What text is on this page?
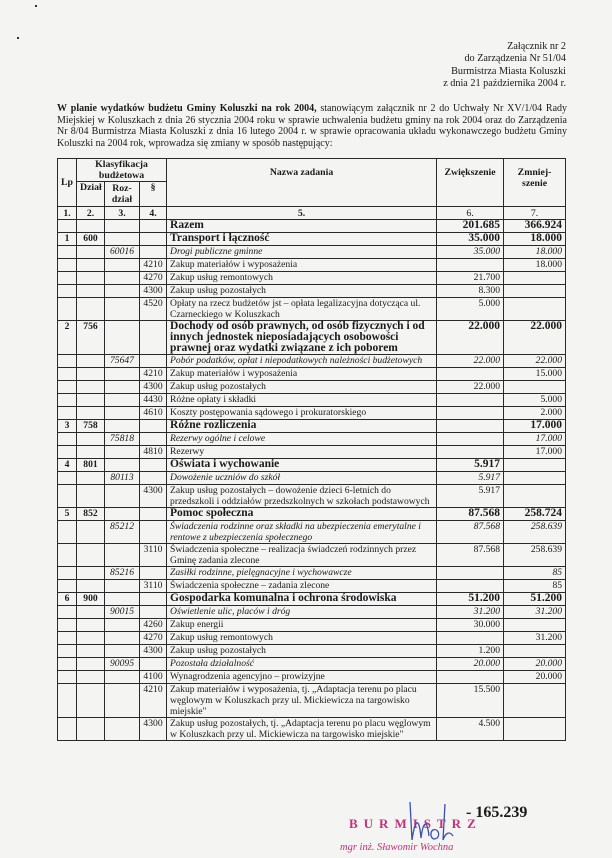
Załącznik nr 2
do Zarządzenia Nr 51/04
Burmistrza Miasta Koluszki
z dnia 21 października 2004 r.
W planie wydatków budżetu Gminy Koluszki na rok 2004, stanowiącym załącznik nr 2 do Uchwały Nr XV/1/04 Rady Miejskiej w Koluszkach z dnia 26 stycznia 2004 roku w sprawie uchwalenia budżetu gminy na rok 2004 oraz do Zarządzenia Nr 8/04 Burmistrza Miasta Koluszki z dnia 16 lutego 2004 r. w sprawie opracowania układu wykonawczego budżetu Gminy Koluszki na 2004 rok, wprowadza się zmiany w sposób następujący:
Lp	Klasyfikacja budżetowa			Nazwa zadania	Zwiększenie	Zmniej-szenie
	Dział	Roz-dział	§			
1.	2.	3.	4.	5.	6.	7.
				Razem	201.685	366.924
1	600			Transport i łączność	35.000	18.000
		60016		Drogi publiczne gminne	35.000	18.000
			4210	Zakup materiałów i wyposażenia		18.000
			4270	Zakup usług remontowych	21.700	
			4300	Zakup usług pozostałych	8.300	
			4520	Opłaty na rzecz budżetów jst – opłata legalizacyjna dotycząca ul. Czarneckiego w Koluszkach	5.000	
2	756			Dochody od osób prawnych, od osób fizycznych i od innych jednostek nieposiadających osobowości prawnej oraz wydatki związane z ich poborem	22.000	22.000
		75647		Pobór podatków, opłat i niepodatkowych należności budżetowych	22.000	22.000
			4210	Zakup materiałów i wyposażenia		15.000
			4300	Zakup usług pozostałych	22.000	
			4430	Różne opłaty i składki		5.000
			4610	Koszty postępowania sądowego i prokuratorskiego		2.000
3	758			Różne rozliczenia		17.000
		75818		Rezerwy ogólne i celowe		17.000
			4810	Rezerwy		17.000
4	801			Oświata i wychowanie	5.917	
		80113		Dowożenie uczniów do szkół	5.917	
			4300	Zakup usług pozostałych – dowożenie dzieci 6-letnich do przedszkoli i oddziałów przedszkolnych w szkołach podstawowych	5.917	
5	852			Pomoc społeczna	87.568	258.724
		85212		Świadczenia rodzinne oraz składki na ubezpieczenia emerytalne i rentowe z ubezpieczenia społecznego	87.568	258.639
			3110	Świadczenia społeczne – realizacja świadczeń rodzinnych przez Gminę zadania zlecone	87.568	258.639
		85216		Zasiłki rodzinne, pielęgnacyjne i wychowawcze		85
			3110	Świadczenia społeczne – zadania zlecone		85
6	900			Gospodarka komunalna i ochrona środowiska	51.200	51.200
		90015		Oświetlenie ulic, placów i dróg	31.200	31.200
			4260	Zakup energii	30.000	
			4270	Zakup usług remontowych		31.200
			4300	Zakup usług pozostałych	1.200	
		90095		Pozostała działalność	20.000	20.000
			4100	Wynagrodzenia agencyjno – prowizyjne		20.000
			4210	Zakup materiałów i wyposażenia, tj. „Adaptacja terenu po placu węglowym w Koluszkach przy ul. Mickiewicza na targowisko miejskie"	15.500	
			4300	Zakup usług pozostałych, tj. „Adaptacja terenu po placu węglowym w Koluszkach przy ul. Mickiewicza na targowisko miejskie"	4.500	
- 165.239
BURMISTRZ
mgr inż. Sławomir Wochna
